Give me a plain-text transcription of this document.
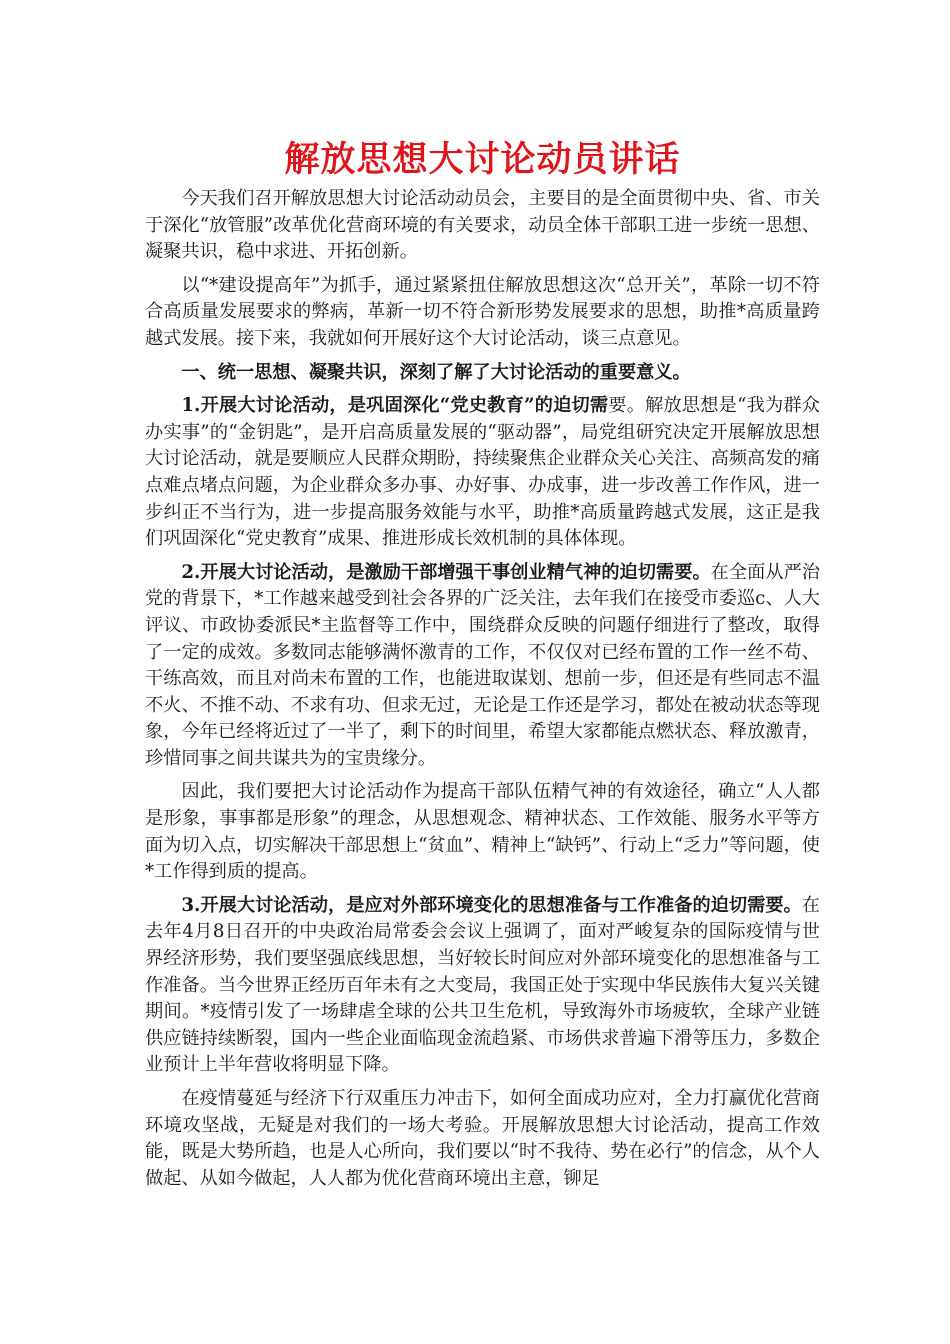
解放思想大讨论动员讲话

今天我们召开解放思想大讨论活动动员会，主要目的是全面贯彻中央、省、市关于深化“放管服”改革优化营商环境的有关要求，动员全体干部职工进一步统一思想、凝聚共识，稳中求进、开拓创新。

以“*建设提高年”为抓手，通过紧紧扭住解放思想这次“总开关”，革除一切不符合高质量发展要求的弊病，革新一切不符合新形势发展要求的思想，助推*高质量跨越式发展。接下来，我就如何开展好这个大讨论活动，谈三点意见。

一、统一思想、凝聚共识，深刻了解了大讨论活动的重要意义。

1.开展大讨论活动，是巩固深化“党史教育”的迫切需要。解放思想是“我为群众办实事”的“金钥匙”，是开启高质量发展的“驱动器”，局党组研究决定开展解放思想大讨论活动，就是要顺应人民群众期盼，持续聚焦企业群众关心关注、高频高发的痛点难点堵点问题，为企业群众多办事、办好事、办成事，进一步改善工作作风，进一步纠正不当行为，进一步提高服务效能与水平，助推*高质量跨越式发展，这正是我们巩固深化“党史教育”成果、推进形成长效机制的具体体现。

2.开展大讨论活动，是激励干部增强干事创业精气神的迫切需要。在全面从严治党的背景下，*工作越来越受到社会各界的广泛关注，去年我们在接受市委巡c、人大评议、市政协委派民*主监督等工作中，围绕群众反映的问题仔细进行了整改，取得了一定的成效。多数同志能够满怀激青的工作，不仅仅对已经布置的工作一丝不苟、干练高效，而且对尚未布置的工作，也能进取谋划、想前一步，但还是有些同志不温不火、不推不动、不求有功、但求无过，无论是工作还是学习，都处在被动状态等现象，今年已经将近过了一半了，剩下的时间里，希望大家都能点燃状态、释放激青，珍惜同事之间共谋共为的宝贵缘分。

因此，我们要把大讨论活动作为提高干部队伍精气神的有效途径，确立“人人都是形象，事事都是形象”的理念，从思想观念、精神状态、工作效能、服务水平等方面为切入点，切实解决干部思想上“贫血”、精神上“缺钙”、行动上“乏力”等问题，使*工作得到质的提高。

3.开展大讨论活动，是应对外部环境变化的思想准备与工作准备的迫切需要。在去年4月8日召开的中央政治局常委会会议上强调了，面对严峻复杂的国际疫情与世界经济形势，我们要坚强底线思想，当好较长时间应对外部环境变化的思想准备与工作准备。当今世界正经历百年未有之大变局，我国正处于实现中华民族伟大复兴关键期间。*疫情引发了一场肆虐全球的公共卫生危机，导致海外市场疲软，全球产业链供应链持续断裂，国内一些企业面临现金流趋紧、市场供求普遍下滑等压力，多数企业预计上半年营收将明显下降。

在疫情蔓延与经济下行双重压力冲击下，如何全面成功应对，全力打赢优化营商环境攻坚战，无疑是对我们的一场大考验。开展解放思想大讨论活动，提高工作效能，既是大势所趋，也是人心所向，我们要以“时不我待、势在必行”的信念，从个人做起、从如今做起，人人都为优化营商环境出主意，铆足
